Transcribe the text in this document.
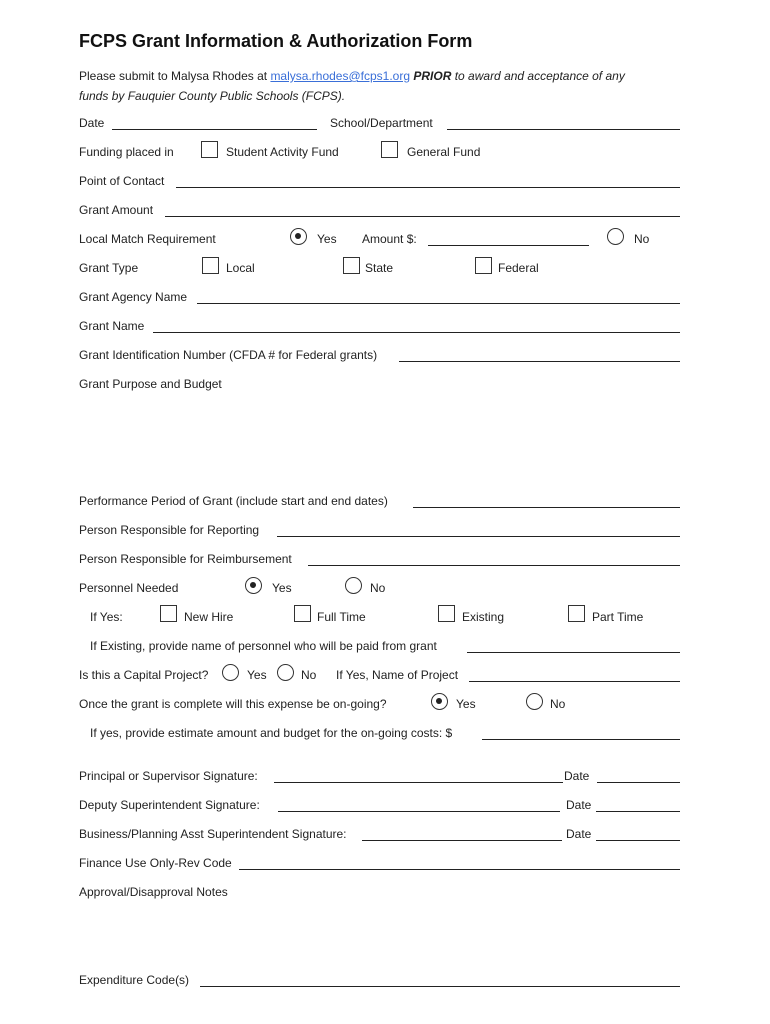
FCPS Grant Information & Authorization Form
Please submit to Malysa Rhodes at malysa.rhodes@fcps1.org PRIOR to award and acceptance of any
funds by Fauquier County Public Schools (FCPS).
Date	School/Department
Funding placed in	Student Activity Fund	General Fund
Point of Contact
Grant Amount
Local Match Requirement	Yes Amount $:	No
Grant Type	Local	State	Federal
Grant Agency Name
Grant Name
Grant Identification Number (CFDA # for Federal grants)
Grant Purpose and Budget
Performance Period of Grant (include start and end dates)
Person Responsible for Reporting
Person Responsible for Reimbursement
Personnel Needed	Yes	No
If Yes:	New Hire	Full Time	Existing	Part Time
If Existing, provide name of personnel who will be paid from grant
Is this a Capital Project?	Yes	No If Yes, Name of Project
Once the grant is complete will this expense be on-going?	Yes	No
If yes, provide estimate amount and budget for the on-going costs: $
Principal or Supervisor Signature:	Date
Deputy Superintendent Signature:	Date
Business/Planning Asst Superintendent Signature:	Date
Finance Use Only-Rev Code
Approval/Disapproval Notes
Expenditure Code(s)
